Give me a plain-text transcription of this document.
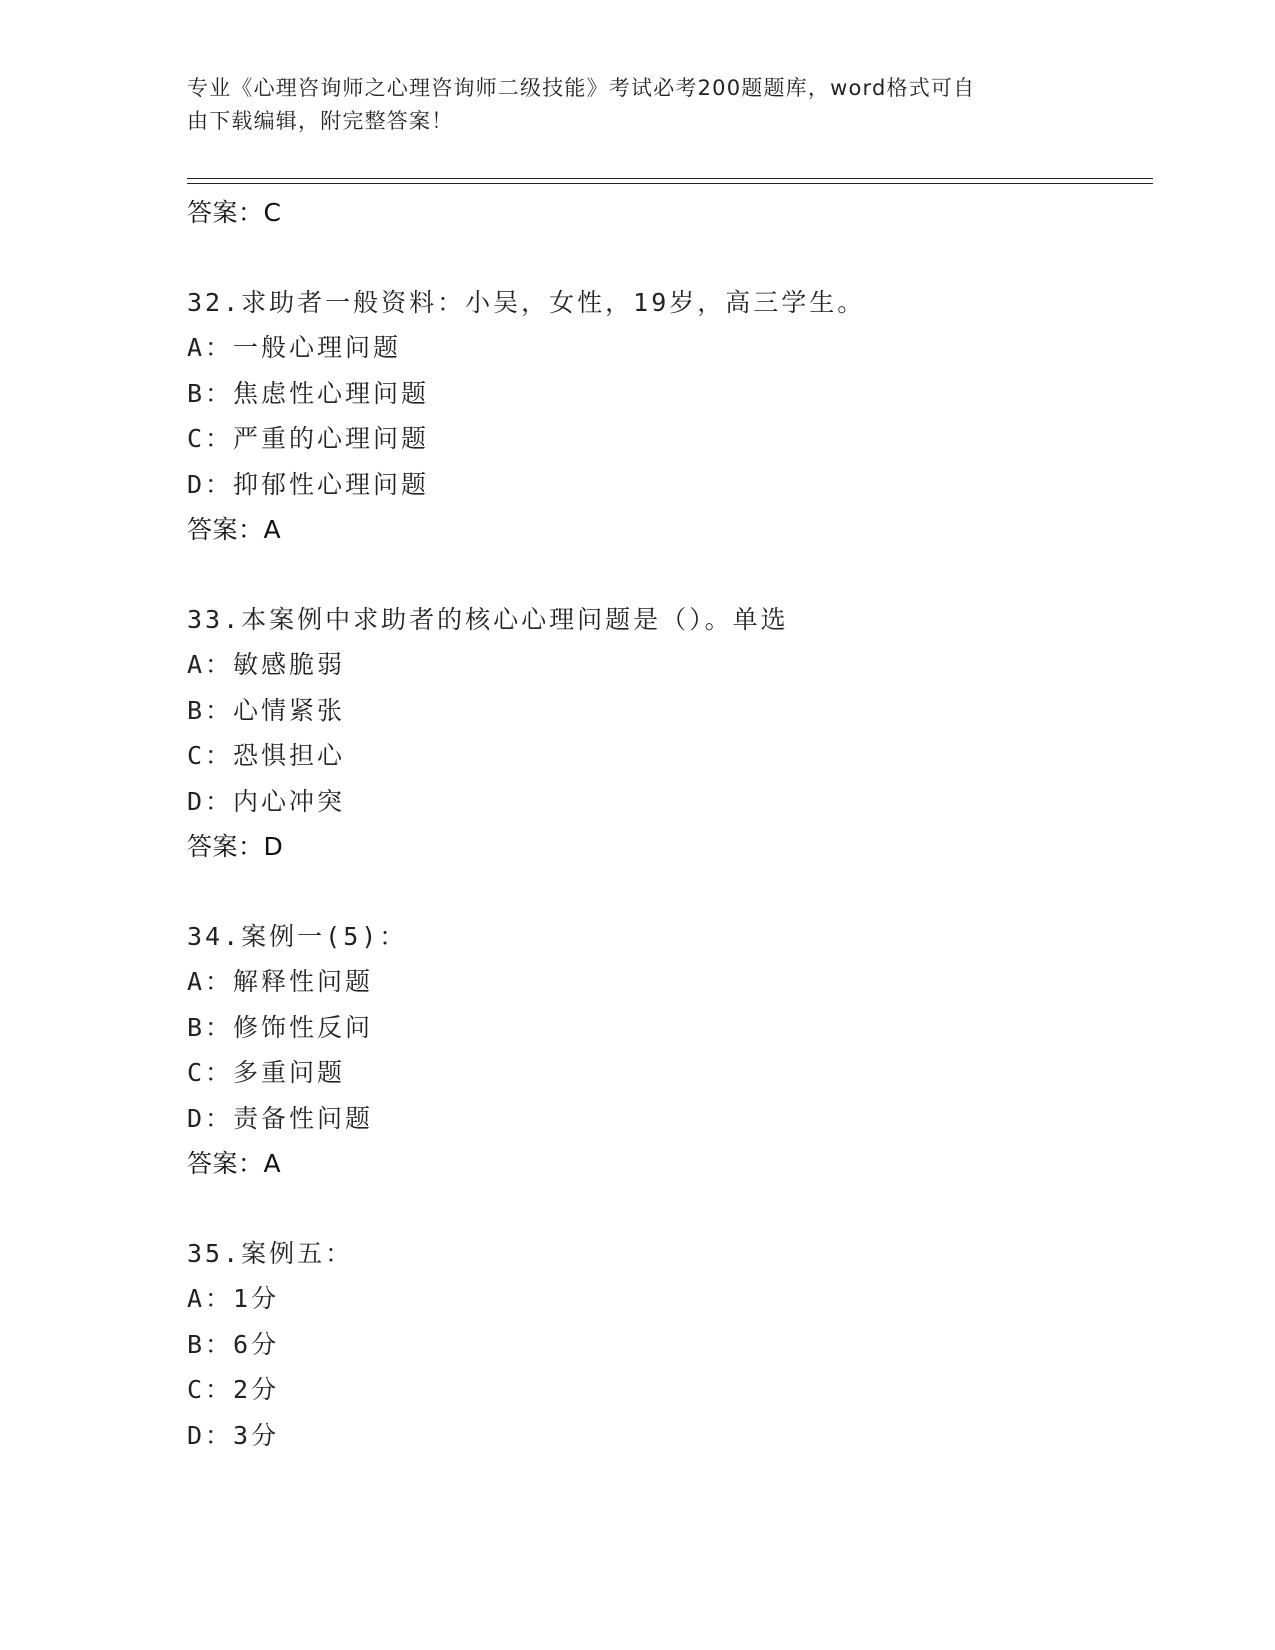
专业《心理咨询师之心理咨询师二级技能》考试必考200题题库，word格式可自
由下载编辑，附完整答案！
答案：C
32.求助者一般资料：小吴，女性，19岁，高三学生。
A：一般心理问题
B：焦虑性心理问题
C：严重的心理问题
D：抑郁性心理问题
答案：A
33.本案例中求助者的核心心理问题是（）。单选
A：敏感脆弱
B：心情紧张
C：恐惧担心
D：内心冲突
答案：D
34.案例一(5)：
A：解释性问题
B：修饰性反问
C：多重问题
D：责备性问题
答案：A
35.案例五：
A：1分
B：6分
C：2分
D：3分
